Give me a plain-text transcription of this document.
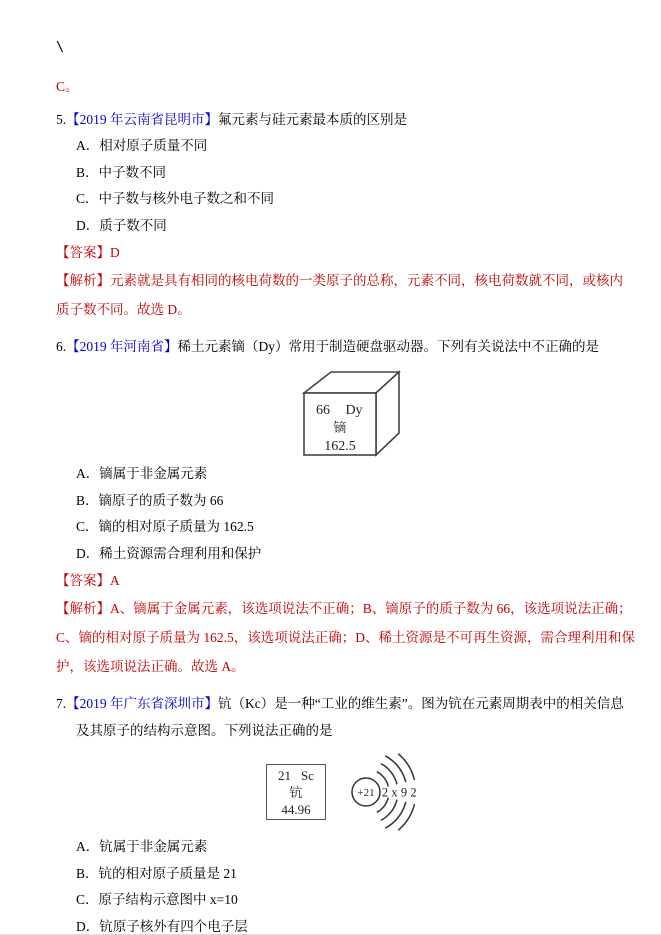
\

C。

5.【2019 年云南省昆明市】氟元素与硅元素最本质的区别是

A．相对原子质量不同

B．中子数不同

C．中子数与核外电子数之和不同

D．质子数不同

【答案】D

【解析】元素就是具有相同的核电荷数的一类原子的总称，元素不同，核电荷数就不同，或核内质子数不同。故选 D。

6.【2019 年河南省】稀土元素镝（Dy）常用于制造硬盘驱动器。下列有关说法中不正确的是

66 Dy
镝
162.5

A．镝属于非金属元素

B．镝原子的质子数为 66

C．镝的相对原子质量为 162.5

D．稀土资源需合理利用和保护

【答案】A

【解析】A、镝属于金属元素，该选项说法不正确；B、镝原子的质子数为 66，该选项说法正确；C、镝的相对原子质量为 162.5，该选项说法正确；D、稀土资源是不可再生资源，需合理利用和保护，该选项说法正确。故选 A。

7.【2019 年广东省深圳市】钪（Kc）是一种“工业的维生素”。图为钪在元素周期表中的相关信息及其原子的结构示意图。下列说法正确的是

21 Sc
钪
44.96
+21 2 x 9 2

A．钪属于非金属元素

B．钪的相对原子质量是 21

C．原子结构示意图中 x=10

D．钪原子核外有四个电子层
